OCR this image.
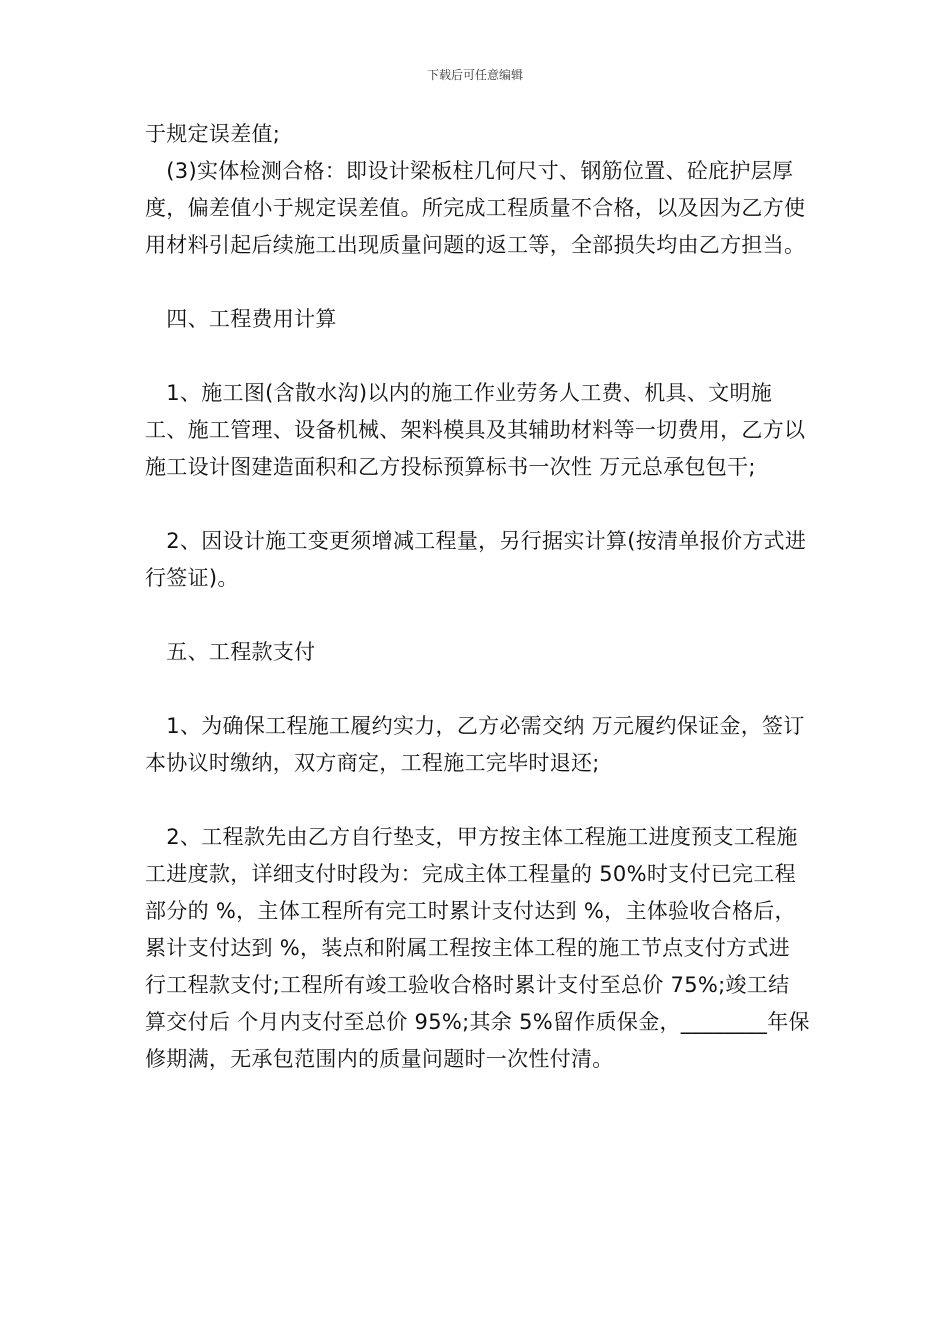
下载后可任意编辑

于规定误差值;

　(3)实体检测合格：即设计梁板柱几何尺寸、钢筋位置、砼庇护层厚度，偏差值小于规定误差值。所完成工程质量不合格，以及因为乙方使用材料引起后续施工出现质量问题的返工等，全部损失均由乙方担当。

　四、工程费用计算

　1、施工图(含散水沟)以内的施工作业劳务人工费、机具、文明施工、施工管理、设备机械、架料模具及其辅助材料等一切费用，乙方以施工设计图建造面积和乙方投标预算标书一次性 万元总承包包干;

　2、因设计施工变更须增减工程量，另行据实计算(按清单报价方式进行签证)。

　五、工程款支付

　1、为确保工程施工履约实力，乙方必需交纳 万元履约保证金，签订本协议时缴纳，双方商定，工程施工完毕时退还;

　2、工程款先由乙方自行垫支，甲方按主体工程施工进度预支工程施工进度款，详细支付时段为：完成主体工程量的 50%时支付已完工程部分的 %，主体工程所有完工时累计支付达到 %，主体验收合格后，累计支付达到 %，装点和附属工程按主体工程的施工节点支付方式进行工程款支付;工程所有竣工验收合格时累计支付至总价 75%;竣工结算交付后 个月内支付至总价 95%;其余 5%留作质保金，________年保修期满，无承包范围内的质量问题时一次性付清。
